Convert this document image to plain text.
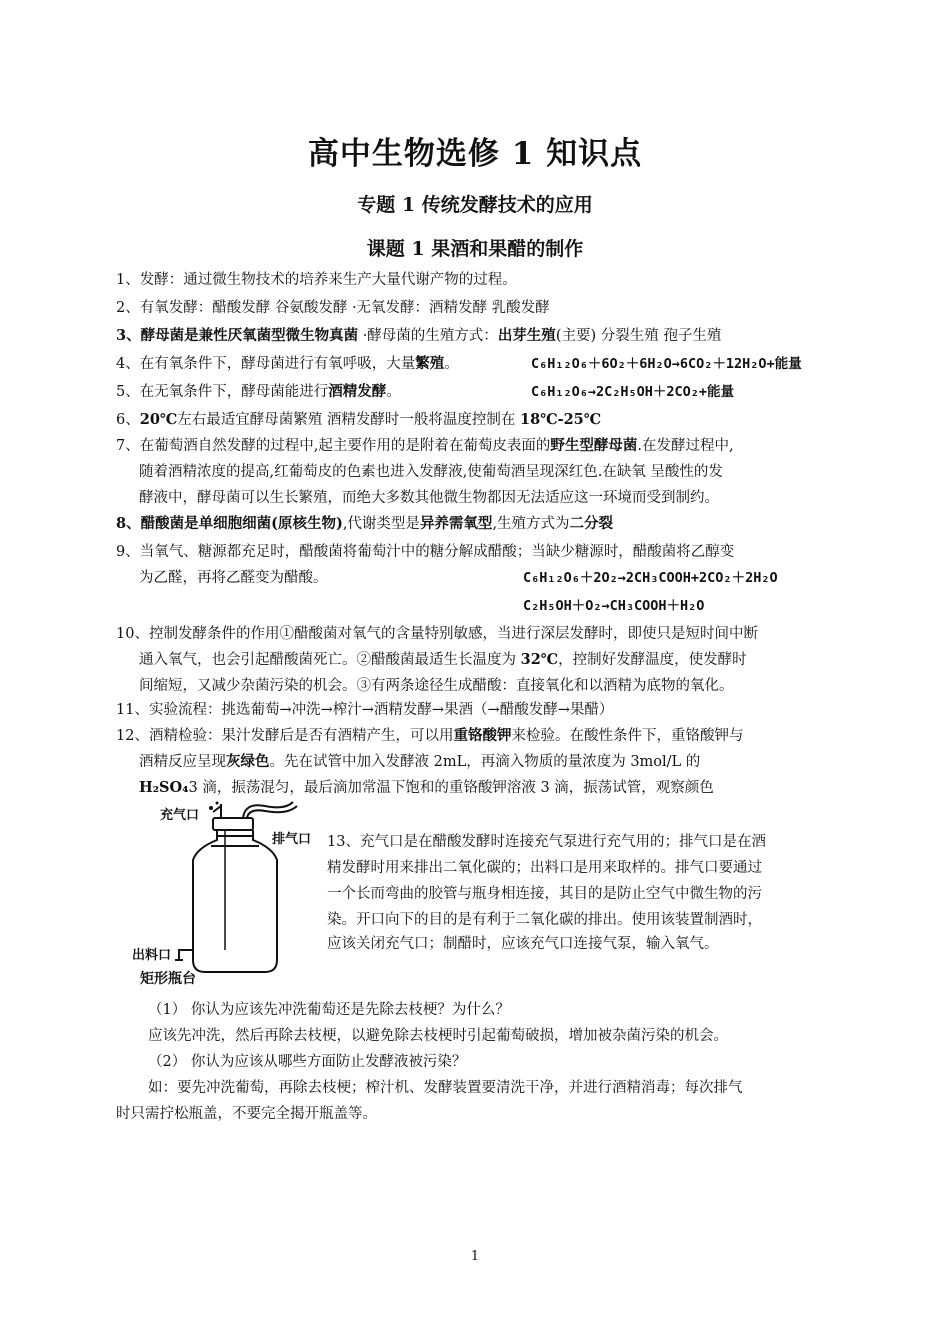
高中生物选修 1 知识点
专题 1 传统发酵技术的应用
课题 1 果酒和果醋的制作
1、发酵：通过微生物技术的培养来生产大量代谢产物的过程。
2、有氧发酵：醋酸发酵 谷氨酸发酵 ·无氧发酵：酒精发酵 乳酸发酵
3、酵母菌是兼性厌氧菌型微生物真菌 ·酵母菌的生殖方式：出芽生殖(主要) 分裂生殖 孢子生殖
4、在有氧条件下，酵母菌进行有氧呼吸，大量繁殖。	C₆H₁₂O₆＋6O₂＋6H₂O→6CO₂＋12H₂O+能量
5、在无氧条件下，酵母菌能进行酒精发酵。	C₆H₁₂O₆→2C₂H₅OH＋2CO₂+能量
6、20℃左右最适宜酵母菌繁殖 酒精发酵时一般将温度控制在 18℃-25℃
7、在葡萄酒自然发酵的过程中,起主要作用的是附着在葡萄皮表面的野生型酵母菌.在发酵过程中,
随着酒精浓度的提高,红葡萄皮的色素也进入发酵液,使葡萄酒呈现深红色.在缺氧 呈酸性的发
酵液中，酵母菌可以生长繁殖，而绝大多数其他微生物都因无法适应这一环境而受到制约。
8、醋酸菌是单细胞细菌(原核生物),代谢类型是异养需氧型,生殖方式为二分裂
9、当氧气、糖源都充足时，醋酸菌将葡萄汁中的糖分解成醋酸；当缺少糖源时，醋酸菌将乙醇变
为乙醛，再将乙醛变为醋酸。	C₆H₁₂O₆＋2O₂→2CH₃COOH+2CO₂＋2H₂O
C₂H₅OH＋O₂→CH₃COOH＋H₂O
10、控制发酵条件的作用①醋酸菌对氧气的含量特别敏感，当进行深层发酵时，即使只是短时间中断
通入氧气，也会引起醋酸菌死亡。②醋酸菌最适生长温度为 32℃，控制好发酵温度，使发酵时
间缩短，又减少杂菌污染的机会。③有两条途径生成醋酸：直接氧化和以酒精为底物的氧化。
11、实验流程：挑选葡萄→冲洗→榨汁→酒精发酵→果酒（→醋酸发酵→果醋）
12、酒精检验：果汁发酵后是否有酒精产生，可以用重铬酸钾来检验。在酸性条件下，重铬酸钾与
酒精反应呈现灰绿色。先在试管中加入发酵液 2mL，再滴入物质的量浓度为 3mol/L 的
H₂SO₄3 滴，振荡混匀，最后滴加常温下饱和的重铬酸钾溶液 3 滴，振荡试管，观察颜色
充气口
排气口
出料口
矩形瓶台
13、充气口是在醋酸发酵时连接充气泵进行充气用的；排气口是在酒
精发酵时用来排出二氧化碳的；出料口是用来取样的。排气口要通过
一个长而弯曲的胶管与瓶身相连接，其目的是防止空气中微生物的污
染。开口向下的目的是有利于二氧化碳的排出。使用该装置制酒时，
应该关闭充气口；制醋时，应该充气口连接气泵，输入氧气。
（1） 你认为应该先冲洗葡萄还是先除去枝梗？为什么？
应该先冲洗，然后再除去枝梗，以避免除去枝梗时引起葡萄破损，增加被杂菌污染的机会。
（2） 你认为应该从哪些方面防止发酵液被污染？
如：要先冲洗葡萄，再除去枝梗；榨汁机、发酵装置要清洗干净，并进行酒精消毒；每次排气
时只需拧松瓶盖，不要完全揭开瓶盖等。
1
